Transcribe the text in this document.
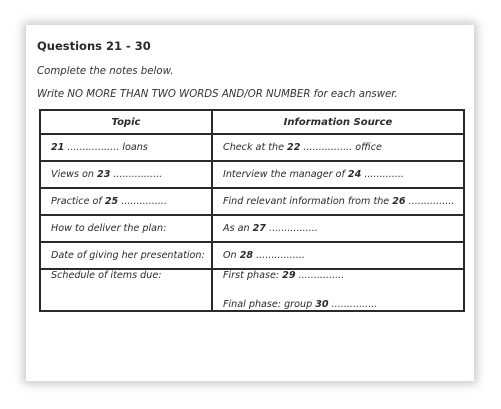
Questions 21 - 30
Complete the notes below.
Write NO MORE THAN TWO WORDS AND/OR NUMBER for each answer.
Topic	Information Source
21 ................. loans	Check at the 22 ................ office
Views on 23 ................	Interview the manager of 24 .............
Practice of 25 ...............	Find relevant information from the 26 ...............
How to deliver the plan:	As an 27 ................
Date of giving her presentation:	On 28 ................
Schedule of items due:	First phase: 29 ...............
Final phase: group 30 ...............
